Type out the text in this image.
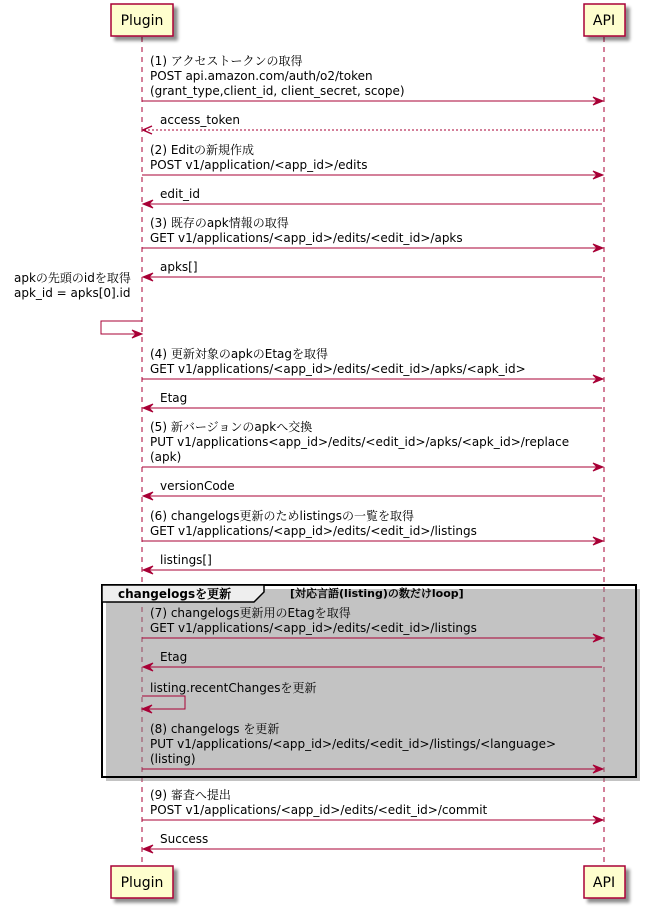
changelogsを更新	[対応言語(listing)の数だけloop]
(1) アクセストークンの取得
POST api.amazon.com/auth/o2/token
(grant_type,client_id, client_secret, scope)
access_token
(2) Editの新規作成
POST v1/application/<app_id>/edits
edit_id
(3) 既存のapk情報の取得
GET v1/applications/<app_id>/edits/<edit_id>/apks
apks[]
apkの先頭のidを取得
apk_id = apks[0].id
(4) 更新対象のapkのEtagを取得
GET v1/applications/<app_id>/edits/<edit_id>/apks/<apk_id>
Etag
(5) 新バージョンのapkへ交換
PUT v1/applications<app_id>/edits/<edit_id>/apks/<apk_id>/replace
(apk)
versionCode
(6) changelogs更新のためlistingsの一覧を取得
GET v1/applications/<app_id>/edits/<edit_id>/listings
listings[]
(7) changelogs更新用のEtagを取得
GET v1/applications/<app_id>/edits/<edit_id>/listings
Etag
listing.recentChangesを更新
(8) changelogs を更新
PUT v1/applications/<app_id>/edits/<edit_id>/listings/<language>
(listing)
(9) 審査へ提出
POST v1/applications/<app_id>/edits/<edit_id>/commit
Success
Plugin	API
Plugin	API
